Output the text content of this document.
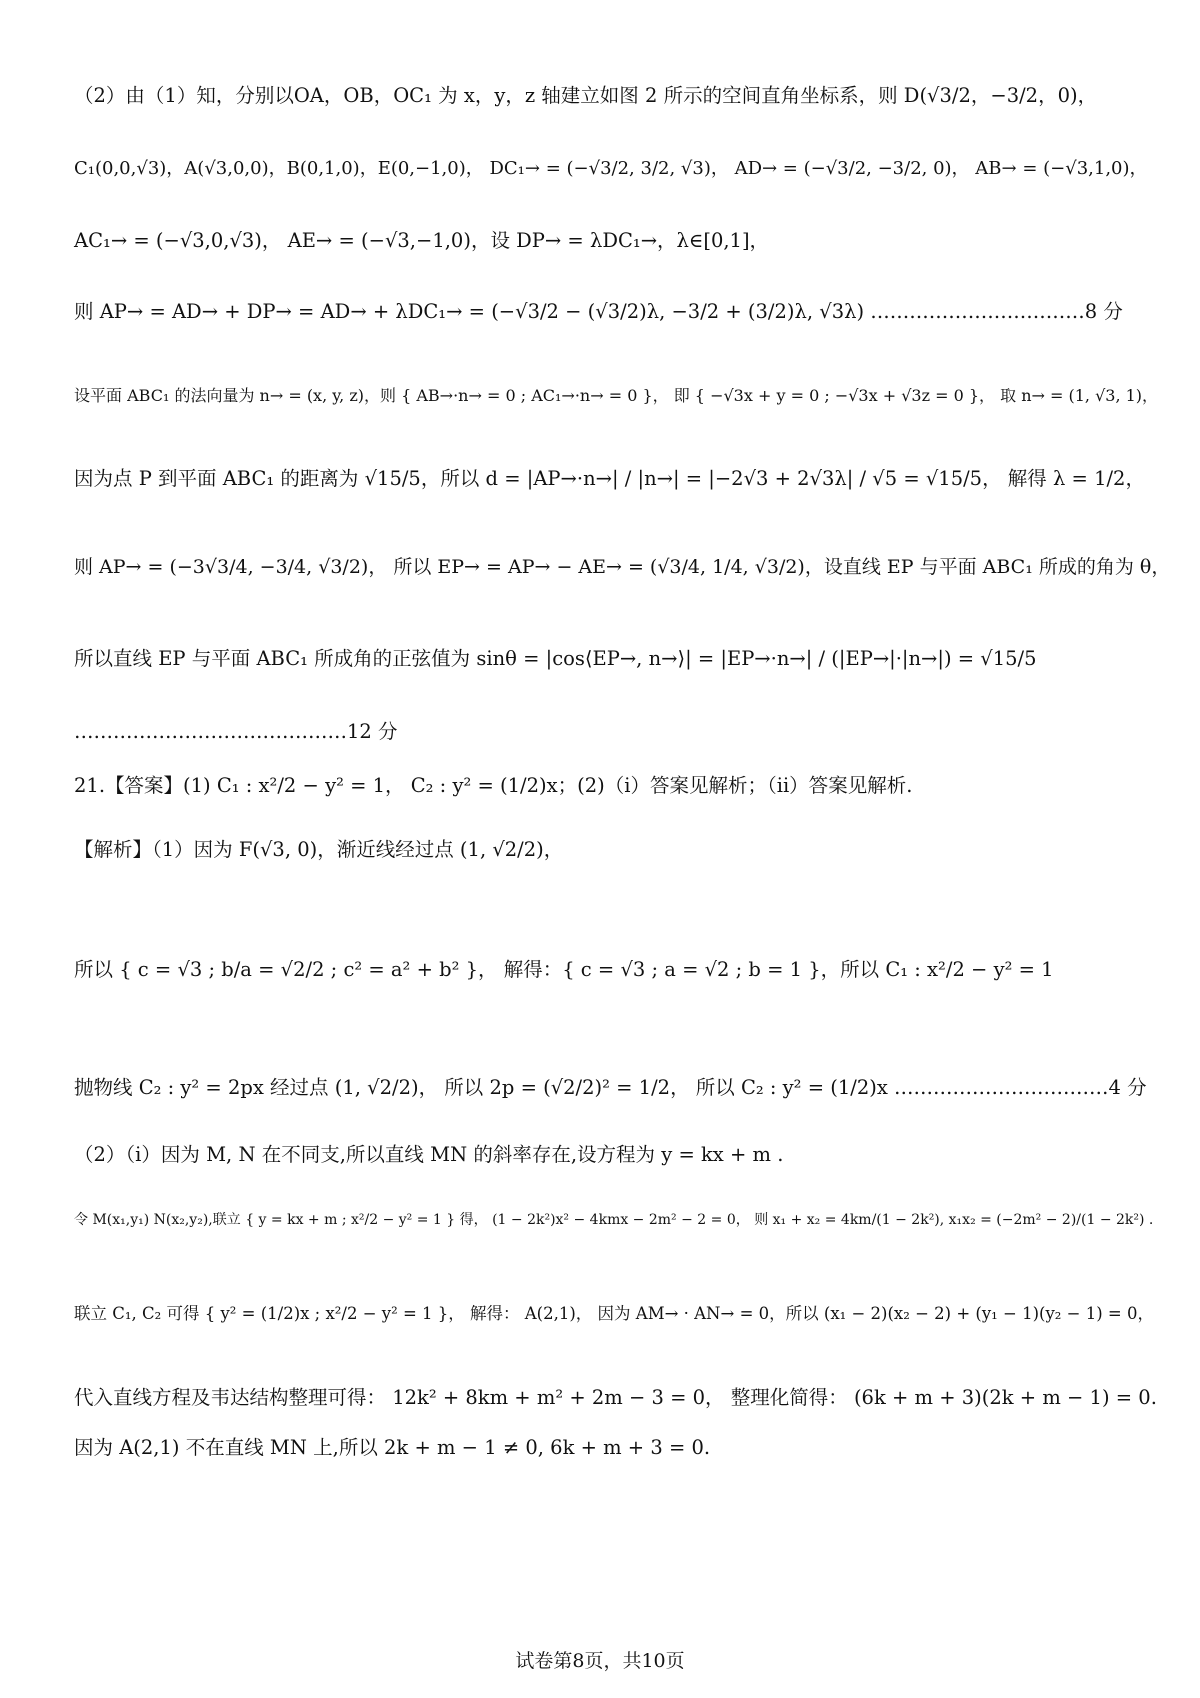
（2）由（1）知，分别以OA，OB，OC₁ 为 x，y，z 轴建立如图 2 所示的空间直角坐标系，则 D(√3/2，−3/2，0)，
C₁(0,0,√3)，A(√3,0,0)，B(0,1,0)，E(0,−1,0)， DC₁→ = (−√3/2, 3/2, √3)， AD→ = (−√3/2, −3/2, 0)， AB→ = (−√3,1,0)，
AC₁→ = (−√3,0,√3)， AE→ = (−√3,−1,0)，设 DP→ = λDC₁→，λ∈[0,1]，
则 AP→ = AD→ + DP→ = AD→ + λDC₁→ = (−√3/2 − (√3/2)λ, −3/2 + (3/2)λ, √3λ) ……………………………8 分
设平面 ABC₁ 的法向量为 n→ = (x, y, z)，则 { AB→·n→ = 0 ; AC₁→·n→ = 0 }， 即 { −√3x + y = 0 ; −√3x + √3z = 0 }， 取 n→ = (1, √3, 1)，
因为点 P 到平面 ABC₁ 的距离为 √15/5，所以 d = |AP→·n→| / |n→| = |−2√3 + 2√3λ| / √5 = √15/5， 解得 λ = 1/2，
则 AP→ = (−3√3/4, −3/4, √3/2)， 所以 EP→ = AP→ − AE→ = (√3/4, 1/4, √3/2)，设直线 EP 与平面 ABC₁ 所成的角为 θ，
所以直线 EP 与平面 ABC₁ 所成角的正弦值为 sinθ = |cos⟨EP→, n→⟩| = |EP→·n→| / (|EP→|·|n→|) = √15/5
……………………………………12 分
21.【答案】(1) C₁ : x²/2 − y² = 1， C₂ : y² = (1/2)x；(2)（i）答案见解析；（ii）答案见解析.
【解析】（1）因为 F(√3, 0)，渐近线经过点 (1, √2/2)，
所以 { c = √3 ; b/a = √2/2 ; c² = a² + b² }， 解得：{ c = √3 ; a = √2 ; b = 1 }，所以 C₁ : x²/2 − y² = 1
抛物线 C₂ : y² = 2px 经过点 (1, √2/2)， 所以 2p = (√2/2)² = 1/2， 所以 C₂ : y² = (1/2)x ……………………………4 分
（2）（i）因为 M, N 在不同支,所以直线 MN 的斜率存在,设方程为 y = kx + m .
令 M(x₁,y₁) N(x₂,y₂),联立 { y = kx + m ; x²/2 − y² = 1 } 得， (1 − 2k²)x² − 4kmx − 2m² − 2 = 0， 则 x₁ + x₂ = 4km/(1 − 2k²), x₁x₂ = (−2m² − 2)/(1 − 2k²) .
联立 C₁, C₂ 可得 { y² = (1/2)x ; x²/2 − y² = 1 }， 解得： A(2,1)， 因为 AM→ · AN→ = 0，所以 (x₁ − 2)(x₂ − 2) + (y₁ − 1)(y₂ − 1) = 0，
代入直线方程及韦达结构整理可得： 12k² + 8km + m² + 2m − 3 = 0， 整理化简得： (6k + m + 3)(2k + m − 1) = 0.
因为 A(2,1) 不在直线 MN 上,所以 2k + m − 1 ≠ 0, 6k + m + 3 = 0.
试卷第8页，共10页
